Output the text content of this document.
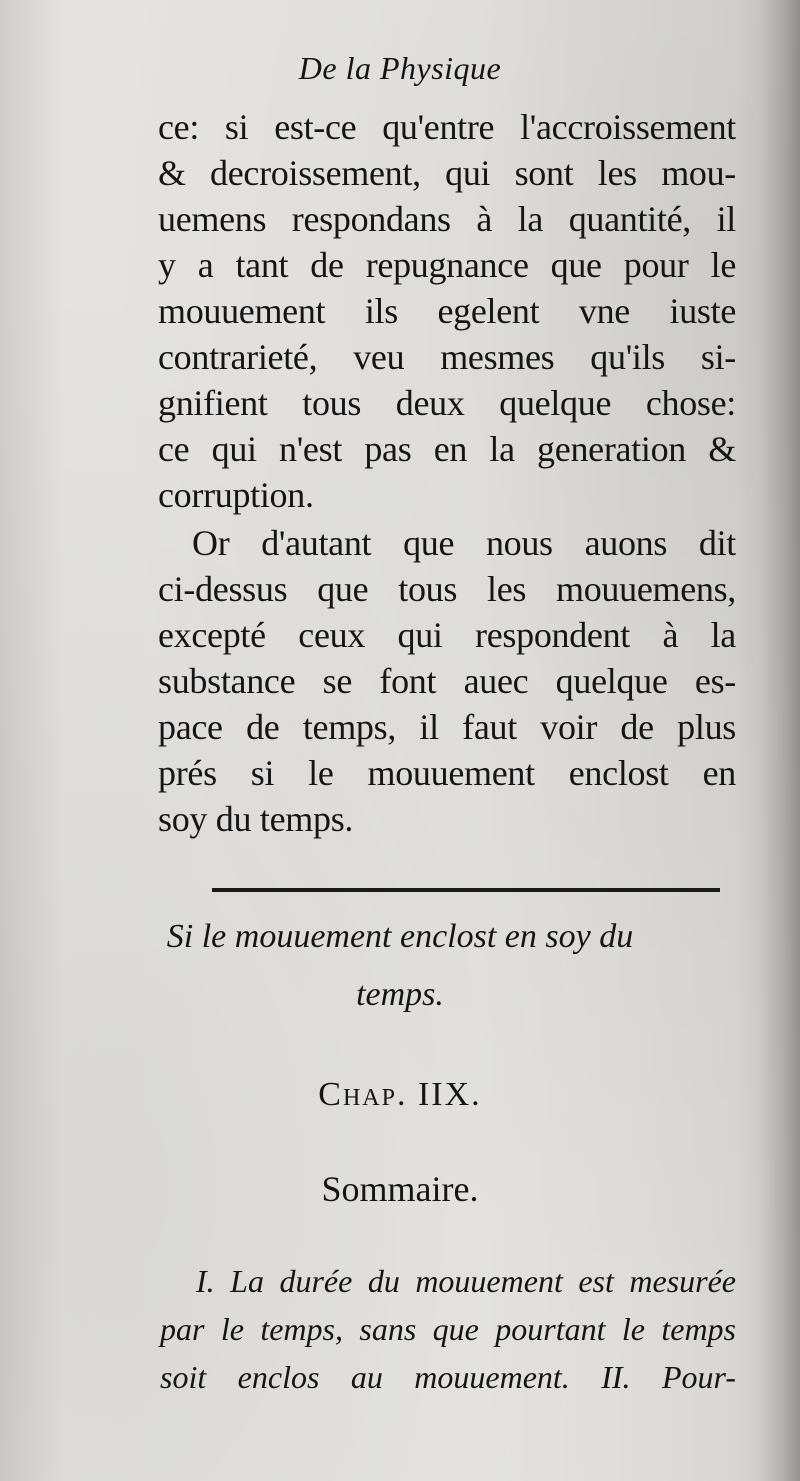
De la Physique
ce: si est-ce qu'entre l'accroissement
& decroissement, qui sont les mou-
uemens respondans à la quantité, il
y a tant de repugnance que pour le
mouuement ils egelent vne iuste
contrarieté, veu mesmes qu'ils si-
gnifient tous deux quelque chose:
ce qui n'est pas en la generation &
corruption.
Or d'autant que nous auons dit
ci-dessus que tous les mouuemens,
excepté ceux qui respondent à la
substance se font auec quelque es-
pace de temps, il faut voir de plus
prés si le mouuement enclost en
soy du temps.
Si le mouuement enclost en soy du
temps.
Chap. IIX.
Sommaire.
I. La durée du mouuement est mesurée
par le temps, sans que pourtant le temps
soit enclos au mouuement. II. Pour-
